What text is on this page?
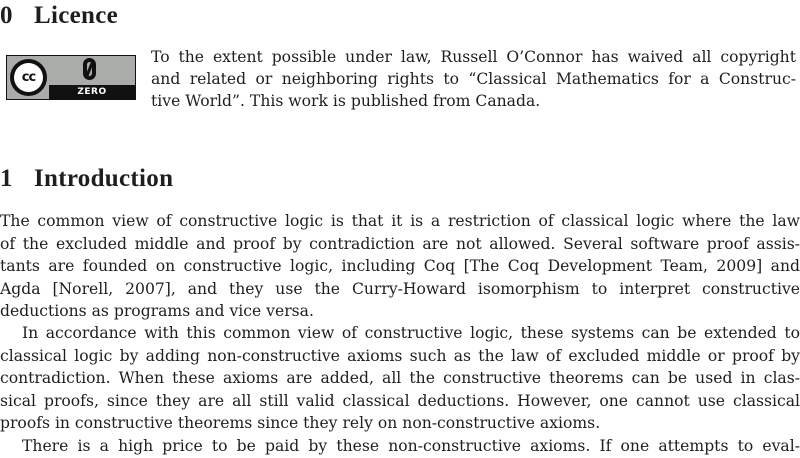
0 Licence
cc
ZERO

To the extent possible under law, Russell O’Connor has waived all copyright
and related or neighboring rights to “Classical Mathematics for a Construc-
tive World”. This work is published from Canada.

1 Introduction

The common view of constructive logic is that it is a restriction of classical logic where the law
of the excluded middle and proof by contradiction are not allowed. Several software proof assis-
tants are founded on constructive logic, including Coq [The Coq Development Team, 2009] and
Agda [Norell, 2007], and they use the Curry-Howard isomorphism to interpret constructive
deductions as programs and vice versa.

In accordance with this common view of constructive logic, these systems can be extended to
classical logic by adding non-constructive axioms such as the law of excluded middle or proof by
contradiction. When these axioms are added, all the constructive theorems can be used in clas-
sical proofs, since they are all still valid classical deductions. However, one cannot use classical
proofs in constructive theorems since they rely on non-constructive axioms.

There is a high price to be paid by these non-constructive axioms. If one attempts to eval-
